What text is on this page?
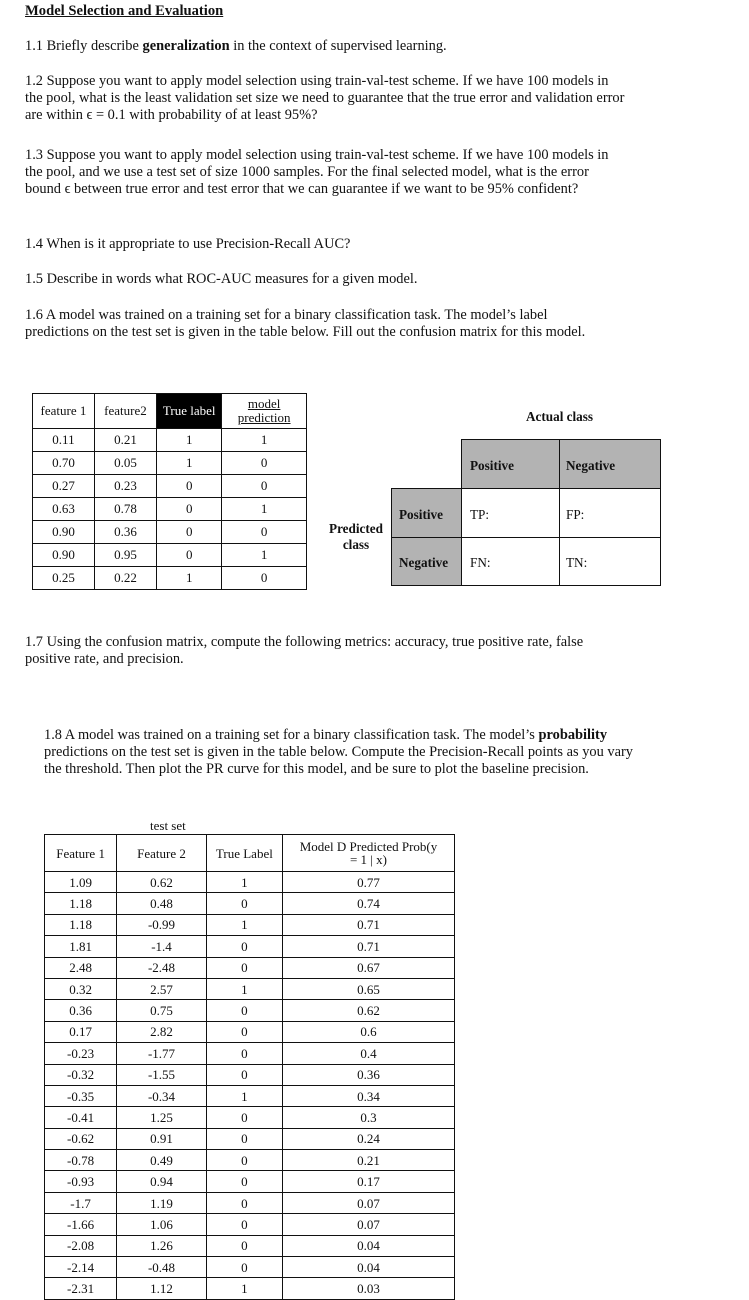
Model Selection and Evaluation
1.1 Briefly describe generalization in the context of supervised learning.
1.2 Suppose you want to apply model selection using train-val-test scheme. If we have 100 models in the pool, what is the least validation set size we need to guarantee that the true error and validation error are within ϵ = 0.1 with probability of at least 95%?
1.3 Suppose you want to apply model selection using train-val-test scheme. If we have 100 models in the pool, and we use a test set of size 1000 samples. For the final selected model, what is the error bound ϵ between true error and test error that we can guarantee if we want to be 95% confident?
1.4 When is it appropriate to use Precision-Recall AUC?
1.5 Describe in words what ROC-AUC measures for a given model.
1.6 A model was trained on a training set for a binary classification task. The model’s label predictions on the test set is given in the table below. Fill out the confusion matrix for this model.
feature 1	feature2	True label	model prediction
0.11	0.21	1	1
0.70	0.05	1	0
0.27	0.23	0	0
0.63	0.78	0	1
0.90	0.36	0	0
0.90	0.95	0	1
0.25	0.22	1	0
Actual class
Predicted class
Positive	Negative
Positive TP:	FP:
Negative FN:	TN:
1.7 Using the confusion matrix, compute the following metrics: accuracy, true positive rate, false positive rate, and precision.
1.8 A model was trained on a training set for a binary classification task. The model’s probability predictions on the test set is given in the table below. Compute the Precision-Recall points as you vary the threshold. Then plot the PR curve for this model, and be sure to plot the baseline precision.
test set
Feature 1	Feature 2	True Label	Model D Predicted Prob(y = 1 | x)
1.09	0.62	1	0.77
1.18	0.48	0	0.74
1.18	-0.99	1	0.71
1.81	-1.4	0	0.71
2.48	-2.48	0	0.67
0.32	2.57	1	0.65
0.36	0.75	0	0.62
0.17	2.82	0	0.6
-0.23	-1.77	0	0.4
-0.32	-1.55	0	0.36
-0.35	-0.34	1	0.34
-0.41	1.25	0	0.3
-0.62	0.91	0	0.24
-0.78	0.49	0	0.21
-0.93	0.94	0	0.17
-1.7	1.19	0	0.07
-1.66	1.06	0	0.07
-2.08	1.26	0	0.04
-2.14	-0.48	0	0.04
-2.31	1.12	1	0.03
